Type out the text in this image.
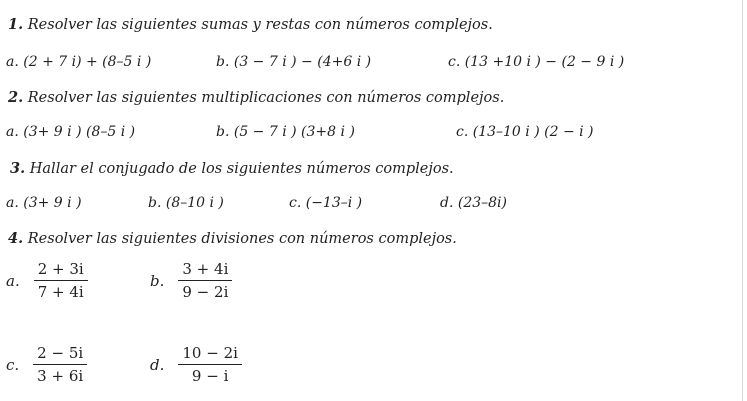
1. Resolver las siguientes sumas y restas con números complejos.
a. (2 + 7 i) + (8–5 i )	b. (3 − 7 i ) − (4+6 i )	c. (13 +10 i ) − (2 − 9 i )
2. Resolver las siguientes multiplicaciones con números complejos.
a. (3+ 9 i ) (8–5 i )	b. (5 − 7 i ) (3+8 i )	c. (13–10 i ) (2 − i )
3. Hallar el conjugado de los siguientes números complejos.
a. (3+ 9 i )	b. (8–10 i )	c. (−13–i )	d. (23–8i)
4. Resolver las siguientes divisiones con números complejos.
a. $\frac{2 + 3i}{7 + 4i}$	b. $\frac{3 + 4i}{9 - 2i}$
c. $\frac{2 - 5i}{3 + 6i}$	d. $\frac{10 - 2i}{9 - i}$
